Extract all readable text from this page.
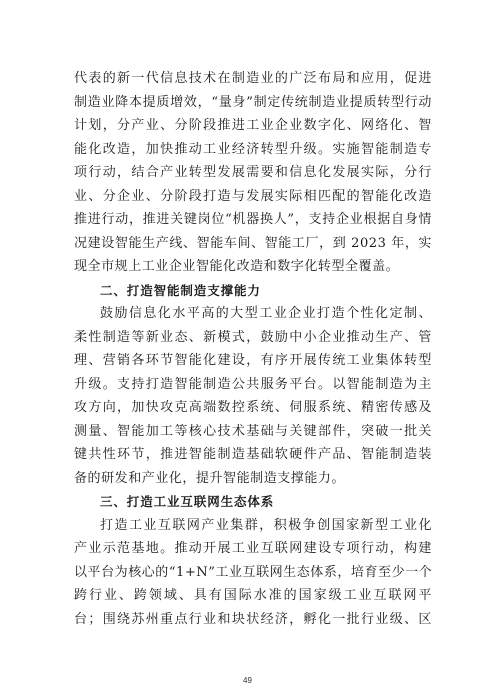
代表的新一代信息技术在制造业的广泛布局和应用，促进
制造业降本提质增效，“量身”制定传统制造业提质转型行动
计划，分产业、分阶段推进工业企业数字化、网络化、智
能化改造，加快推动工业经济转型升级。实施智能制造专
项行动，结合产业转型发展需要和信息化发展实际，分行
业、分企业、分阶段打造与发展实际相匹配的智能化改造
推进行动，推进关键岗位“机器换人”，支持企业根据自身情
况建设智能生产线、智能车间、智能工厂，到 2023 年，实
现全市规上工业企业智能化改造和数字化转型全覆盖。
二、打造智能制造支撑能力
鼓励信息化水平高的大型工业企业打造个性化定制、
柔性制造等新业态、新模式，鼓励中小企业推动生产、管
理、营销各环节智能化建设，有序开展传统工业集体转型
升级。支持打造智能制造公共服务平台。以智能制造为主
攻方向，加快攻克高端数控系统、伺服系统、精密传感及
测量、智能加工等核心技术基础与关键部件，突破一批关
键共性环节，推进智能制造基础软硬件产品、智能制造装
备的研发和产业化，提升智能制造支撑能力。
三、打造工业互联网生态体系
打造工业互联网产业集群，积极争创国家新型工业化
产业示范基地。推动开展工业互联网建设专项行动，构建
以平台为核心的“1+N”工业互联网生态体系，培育至少一个
跨行业、跨领域、具有国际水准的国家级工业互联网平
台；围绕苏州重点行业和块状经济，孵化一批行业级、区
49
